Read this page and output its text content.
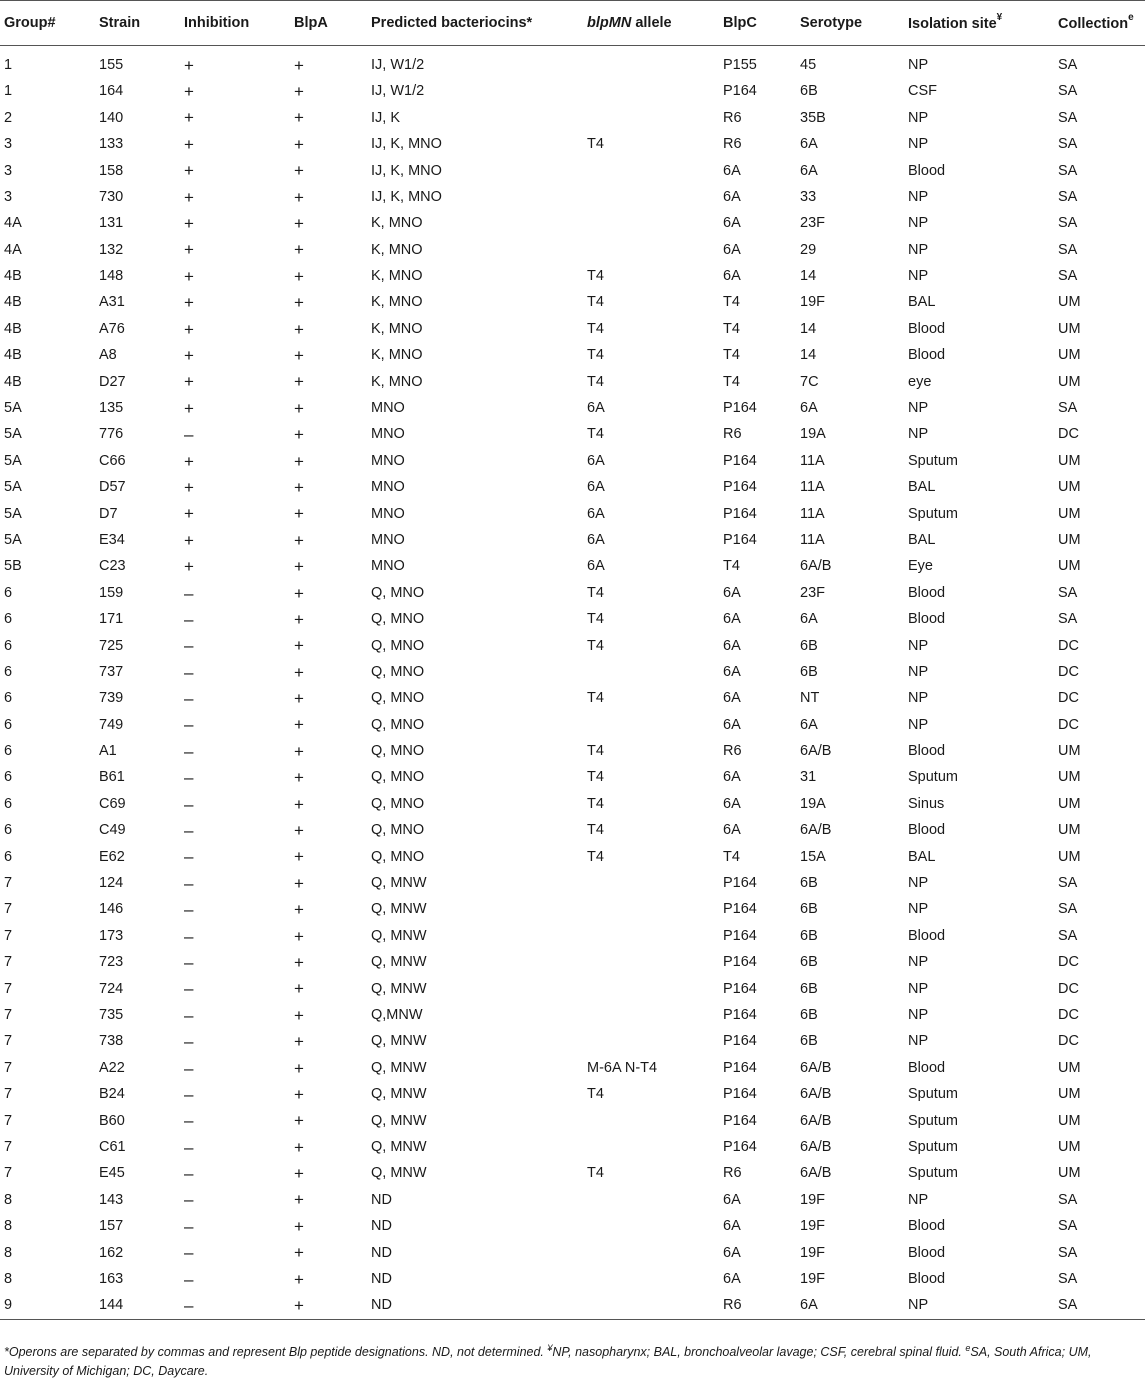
Group#	Strain	Inhibition	BlpA	Predicted bacteriocins*	blpMN allele	BlpC	Serotype	Isolation site¥	Collection$^e$
1	155	+	+	IJ, W1/2		P155	45	NP	SA
1	164	+	+	IJ, W1/2		P164	6B	CSF	SA
2	140	+	+	IJ, K		R6	35B	NP	SA
3	133	+	+	IJ, K, MNO	T4	R6	6A	NP	SA
3	158	+	+	IJ, K, MNO		6A	6A	Blood	SA
3	730	+	+	IJ, K, MNO		6A	33	NP	SA
4A	131	+	+	K, MNO		6A	23F	NP	SA
4A	132	+	+	K, MNO		6A	29	NP	SA
4B	148	+	+	K, MNO	T4	6A	14	NP	SA
4B	A31	+	+	K, MNO	T4	T4	19F	BAL	UM
4B	A76	+	+	K, MNO	T4	T4	14	Blood	UM
4B	A8	+	+	K, MNO	T4	T4	14	Blood	UM
4B	D27	+	+	K, MNO	T4	T4	7C	eye	UM
5A	135	+	+	MNO	6A	P164	6A	NP	SA
5A	776	–	+	MNO	T4	R6	19A	NP	DC
5A	C66	+	+	MNO	6A	P164	11A	Sputum	UM
5A	D57	+	+	MNO	6A	P164	11A	BAL	UM
5A	D7	+	+	MNO	6A	P164	11A	Sputum	UM
5A	E34	+	+	MNO	6A	P164	11A	BAL	UM
5B	C23	+	+	MNO	6A	T4	6A/B	Eye	UM
6	159	–	+	Q, MNO	T4	6A	23F	Blood	SA
6	171	–	+	Q, MNO	T4	6A	6A	Blood	SA
6	725	–	+	Q, MNO	T4	6A	6B	NP	DC
6	737	–	+	Q, MNO		6A	6B	NP	DC
6	739	–	+	Q, MNO	T4	6A	NT	NP	DC
6	749	–	+	Q, MNO		6A	6A	NP	DC
6	A1	–	+	Q, MNO	T4	R6	6A/B	Blood	UM
6	B61	–	+	Q, MNO	T4	6A	31	Sputum	UM
6	C69	–	+	Q, MNO	T4	6A	19A	Sinus	UM
6	C49	–	+	Q, MNO	T4	6A	6A/B	Blood	UM
6	E62	–	+	Q, MNO	T4	T4	15A	BAL	UM
7	124	–	+	Q, MNW		P164	6B	NP	SA
7	146	–	+	Q, MNW		P164	6B	NP	SA
7	173	–	+	Q, MNW		P164	6B	Blood	SA
7	723	–	+	Q, MNW		P164	6B	NP	DC
7	724	–	+	Q, MNW		P164	6B	NP	DC
7	735	–	+	Q,MNW		P164	6B	NP	DC
7	738	–	+	Q, MNW		P164	6B	NP	DC
7	A22	–	+	Q, MNW	M-6A N-T4	P164	6A/B	Blood	UM
7	B24	–	+	Q, MNW	T4	P164	6A/B	Sputum	UM
7	B60	–	+	Q, MNW		P164	6A/B	Sputum	UM
7	C61	–	+	Q, MNW		P164	6A/B	Sputum	UM
7	E45	–	+	Q, MNW	T4	R6	6A/B	Sputum	UM
8	143	–	+	ND		6A	19F	NP	SA
8	157	–	+	ND		6A	19F	Blood	SA
8	162	–	+	ND		6A	19F	Blood	SA
8	163	–	+	ND		6A	19F	Blood	SA
9	144	–	+	ND		R6	6A	NP	SA
*Operons are separated by commas and represent Blp peptide designations. ND, not determined. ¥NP, nasopharynx; BAL, bronchoalveolar lavage; CSF, cerebral spinal fluid. $^e$SA, South Africa; UM, University of Michigan; DC, Daycare.
